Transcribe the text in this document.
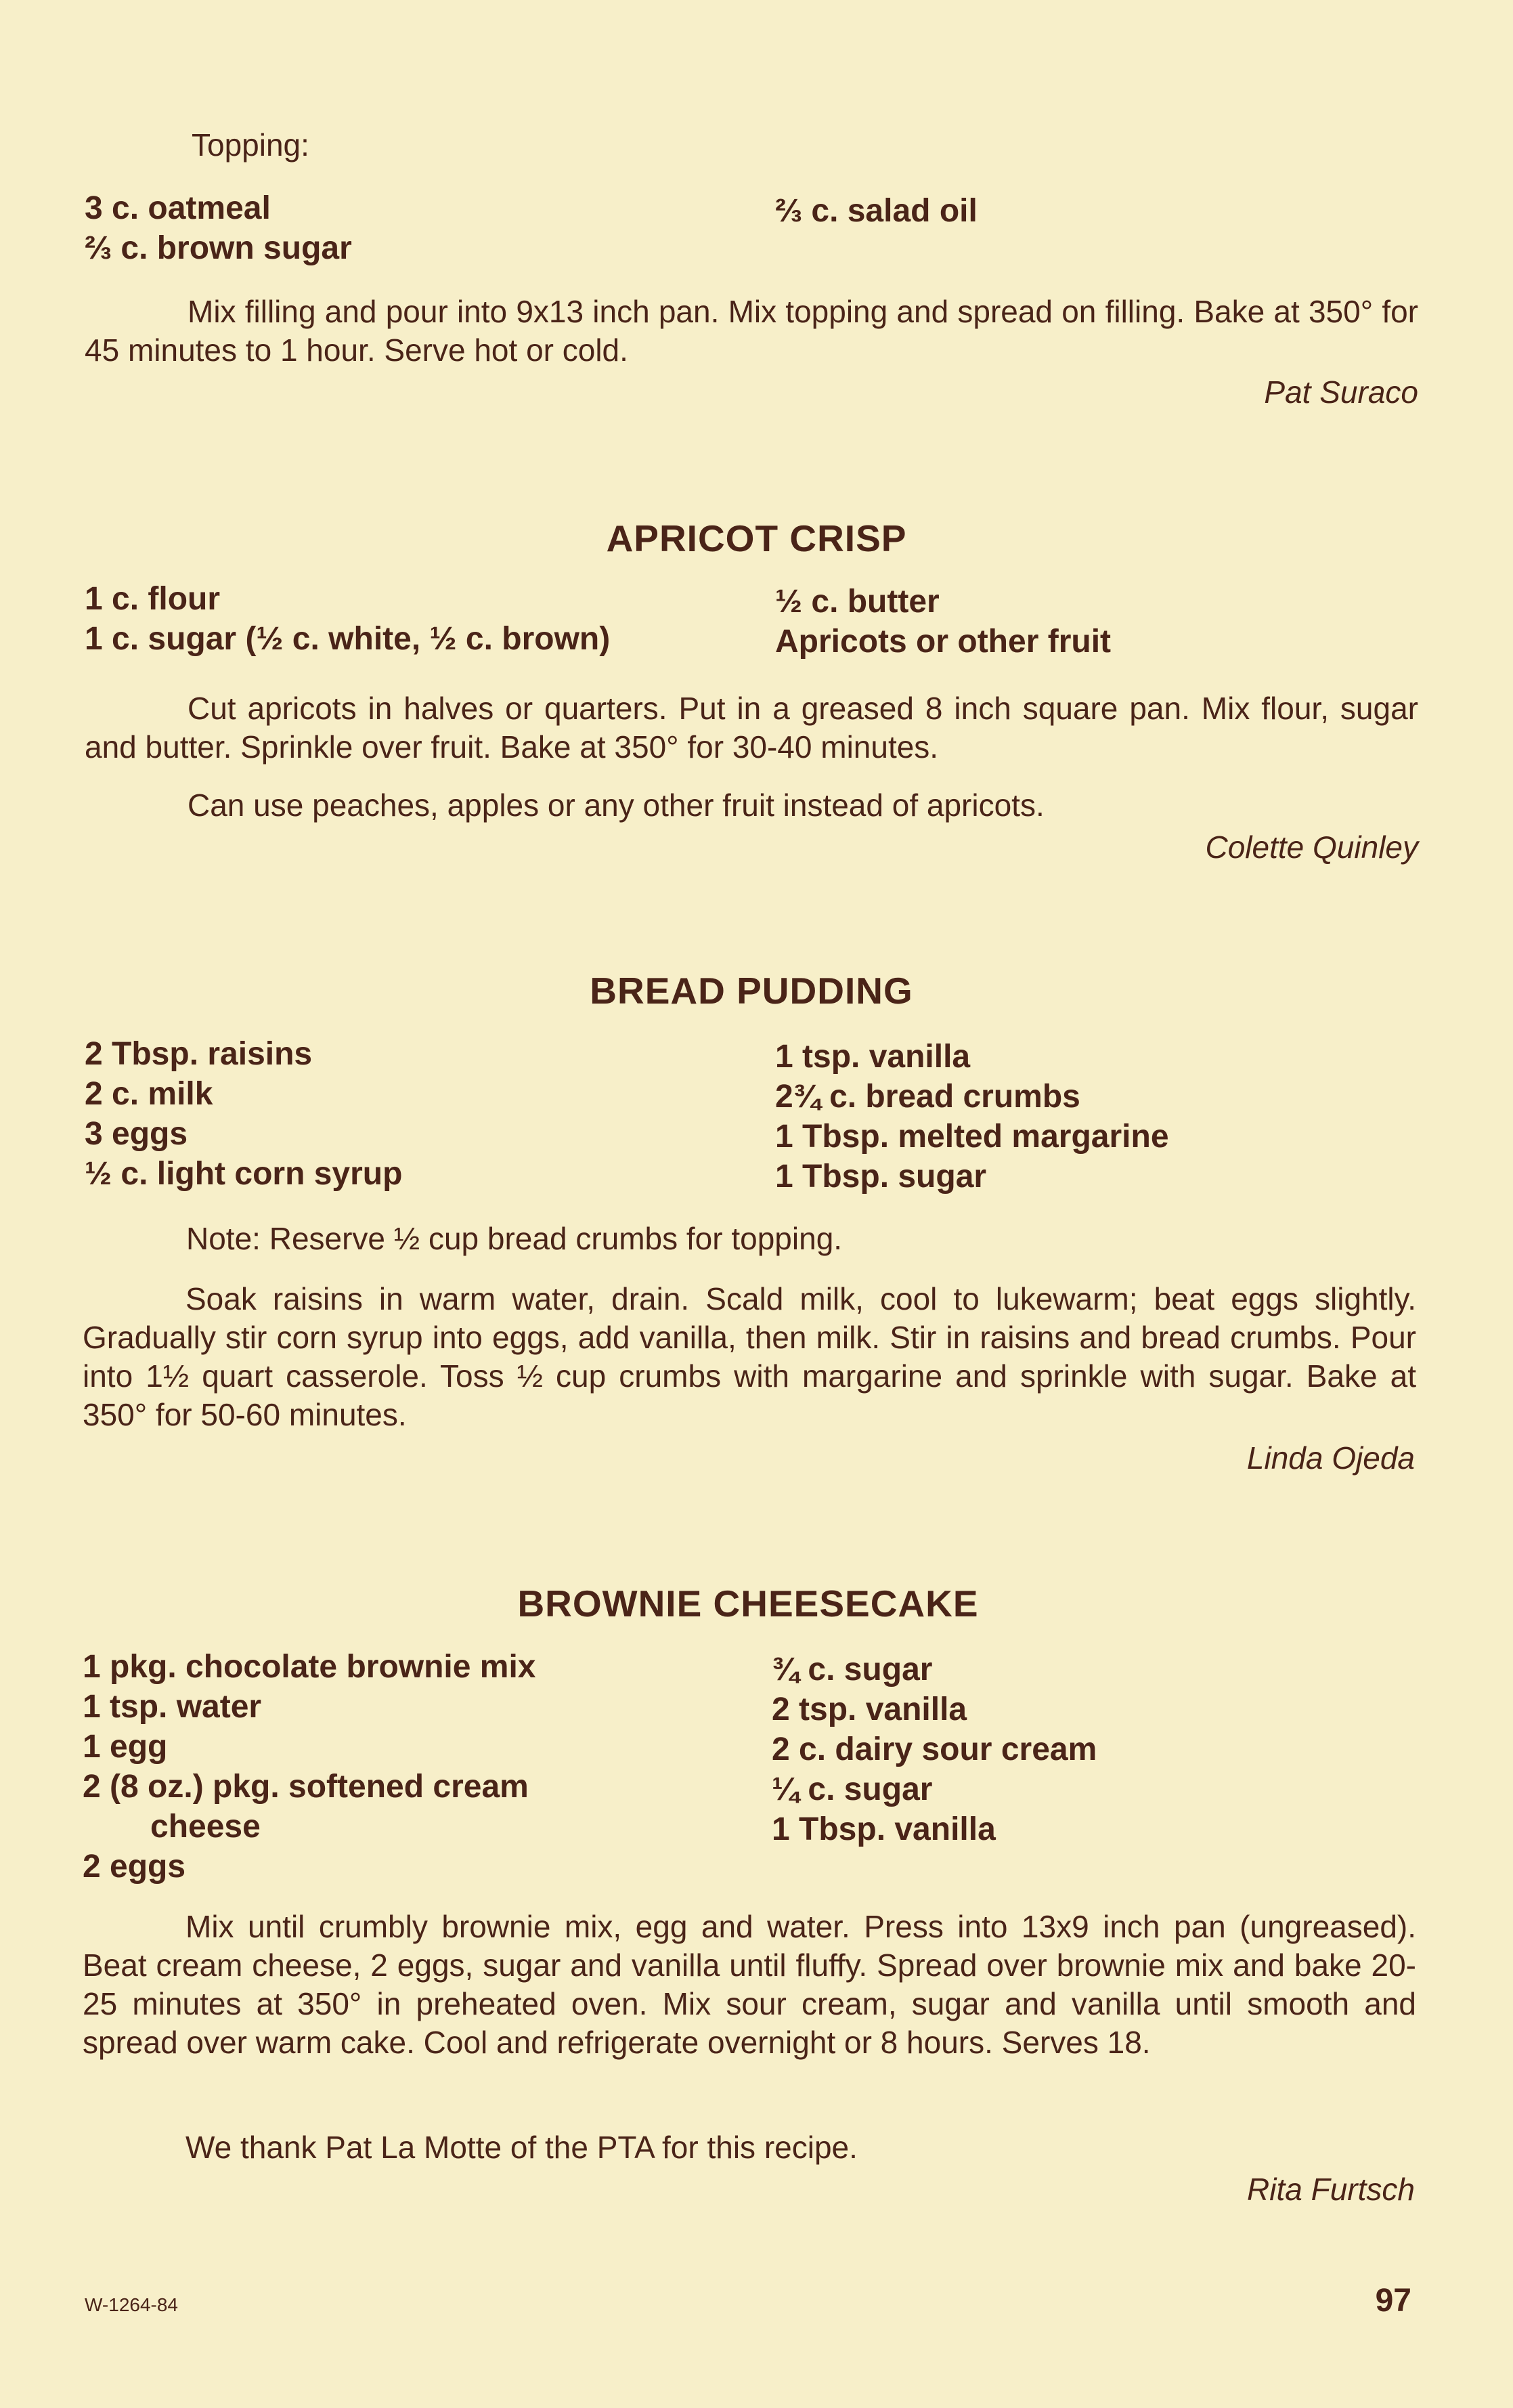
Topping:
3 c. oatmeal
⅔ c. brown sugar
⅔ c. salad oil
Mix filling and pour into 9x13 inch pan. Mix topping and spread on filling. Bake at 350° for 45 minutes to 1 hour. Serve hot or cold.
Pat Suraco
APRICOT CRISP
1 c. flour
1 c. sugar (½ c. white, ½ c. brown)
½ c. butter
Apricots or other fruit
Cut apricots in halves or quarters. Put in a greased 8 inch square pan. Mix flour, sugar and butter. Sprinkle over fruit. Bake at 350° for 30-40 minutes.
Can use peaches, apples or any other fruit instead of apricots.
Colette Quinley
BREAD PUDDING
2 Tbsp. raisins
2 c. milk
3 eggs
½ c. light corn syrup
1 tsp. vanilla
2¾ c. bread crumbs
1 Tbsp. melted margarine
1 Tbsp. sugar
Note: Reserve ½ cup bread crumbs for topping.
Soak raisins in warm water, drain. Scald milk, cool to lukewarm; beat eggs slightly. Gradually stir corn syrup into eggs, add vanilla, then milk. Stir in raisins and bread crumbs. Pour into 1½ quart casserole. Toss ½ cup crumbs with margarine and sprinkle with sugar. Bake at 350° for 50-60 minutes.
Linda Ojeda
BROWNIE CHEESECAKE
1 pkg. chocolate brownie mix
1 tsp. water
1 egg
2 (8 oz.) pkg. softened cream
cheese
2 eggs
¾ c. sugar
2 tsp. vanilla
2 c. dairy sour cream
¼ c. sugar
1 Tbsp. vanilla
Mix until crumbly brownie mix, egg and water. Press into 13x9 inch pan (ungreased). Beat cream cheese, 2 eggs, sugar and vanilla until fluffy. Spread over brownie mix and bake 20-25 minutes at 350° in preheated oven. Mix sour cream, sugar and vanilla until smooth and spread over warm cake. Cool and refrigerate overnight or 8 hours. Serves 18.
We thank Pat La Motte of the PTA for this recipe.
Rita Furtsch
W-1264-84	97
